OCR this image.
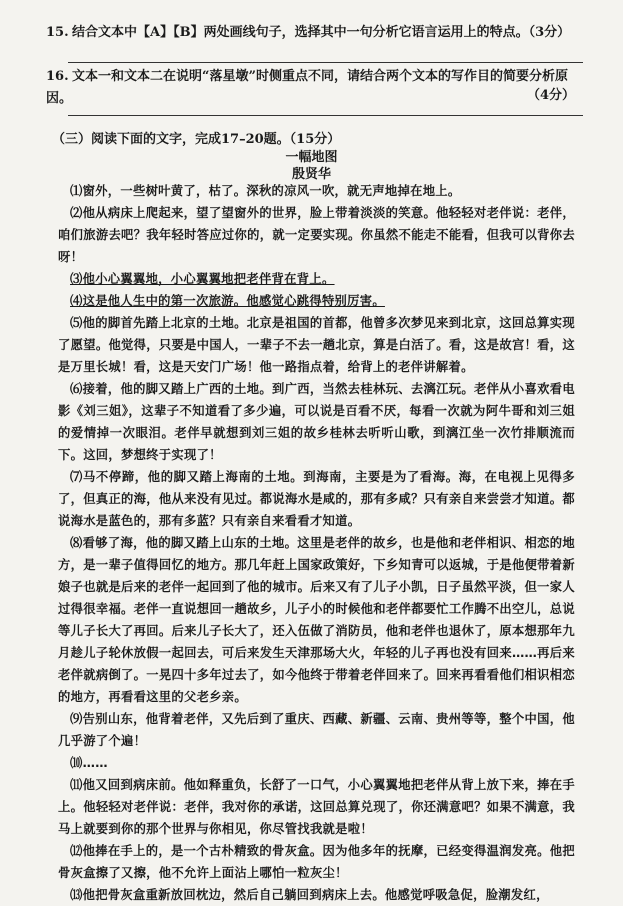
15. 结合文本中【A】【B】两处画线句子，选择其中一句分析它语言运用上的特点。（3分）
16. 文本一和文本二在说明“落星墩”时侧重点不同，请结合两个文本的写作目的简要分析原因。	（4分）
（三）阅读下面的文字，完成17–20题。（15分）
一幅地图
殷贤华

⑴窗外，一些树叶黄了，枯了。深秋的凉风一吹，就无声地掉在地上。

⑵他从病床上爬起来，望了望窗外的世界，脸上带着淡淡的笑意。他轻轻对老伴说：老伴，咱们旅游去吧？我年轻时答应过你的，就一定要实现。你虽然不能走不能看，但我可以背你去呀！

⑶他小心翼翼地，小心翼翼地把老伴背在背上。

⑷这是他人生中的第一次旅游。他感觉心跳得特别厉害。

⑸他的脚首先踏上北京的土地。北京是祖国的首都，他曾多次梦见来到北京，这回总算实现了愿望。他觉得，只要是中国人，一辈子不去一趟北京，算是白活了。看，这是故宫！看，这是万里长城！看，这是天安门广场！他一路指点着，给背上的老伴讲解着。

⑹接着，他的脚又踏上广西的土地。到广西，当然去桂林玩、去漓江玩。老伴从小喜欢看电影《刘三姐》，这辈子不知道看了多少遍，可以说是百看不厌，每看一次就为阿牛哥和刘三姐的爱情掉一次眼泪。老伴早就想到刘三姐的故乡桂林去听听山歌，到漓江坐一次竹排顺流而下。这回，梦想终于实现了！

⑺马不停蹄，他的脚又踏上海南的土地。到海南，主要是为了看海。海，在电视上见得多了，但真正的海，他从来没有见过。都说海水是咸的，那有多咸？只有亲自来尝尝才知道。都说海水是蓝色的，那有多蓝？只有亲自来看看才知道。

⑻看够了海，他的脚又踏上山东的土地。这里是老伴的故乡，也是他和老伴相识、相恋的地方，是一辈子值得回忆的地方。那几年赶上国家政策好，下乡知青可以返城，于是他便带着新娘子也就是后来的老伴一起回到了他的城市。后来又有了儿子小凯，日子虽然平淡，但一家人过得很幸福。老伴一直说想回一趟故乡，儿子小的时候他和老伴都要忙工作腾不出空儿，总说等儿子长大了再回。后来儿子长大了，还入伍做了消防员，他和老伴也退休了，原本想那年九月趁儿子轮休放假一起回去，可后来发生天津那场大火，年轻的儿子再也没有回来……再后来老伴就病倒了。一晃四十多年过去了，如今他终于带着老伴回来了。回来再看看他们相识相恋的地方，再看看这里的父老乡亲。

⑼告别山东，他背着老伴，又先后到了重庆、西藏、新疆、云南、贵州等等，整个中国，他几乎游了个遍！

⑽……

⑾他又回到病床前。他如释重负，长舒了一口气，小心翼翼地把老伴从背上放下来，捧在手上。他轻轻对老伴说：老伴，我对你的承诺，这回总算兑现了，你还满意吧？如果不满意，我马上就要到你的那个世界与你相见，你尽管找我就是啦！

⑿他捧在手上的，是一个古朴精致的骨灰盒。因为他多年的抚摩，已经变得温润发亮。他把骨灰盒擦了又擦，他不允许上面沾上哪怕一粒灰尘！

⒀他把骨灰盒重新放回枕边，然后自己躺回到病床上去。他感觉呼吸急促，脸潮发红，
